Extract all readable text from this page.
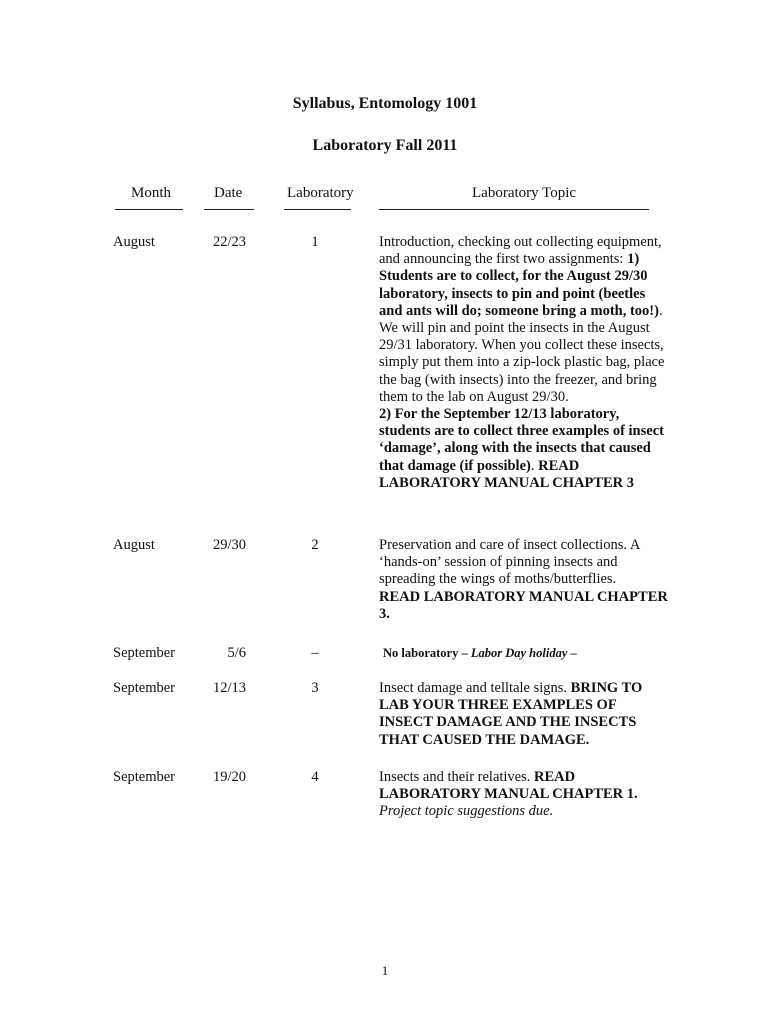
Syllabus, Entomology 1001
Laboratory Fall 2011
Month	Date	Laboratory	Laboratory Topic
August	22/23	1	Introduction, checking out collecting equipment, and announcing the first two assignments: 1) Students are to collect, for the August 29/30 laboratory, insects to pin and point (beetles and ants will do; someone bring a moth, too!). We will pin and point the insects in the August 29/31 laboratory. When you collect these insects, simply put them into a zip-lock plastic bag, place the bag (with insects) into the freezer, and bring them to the lab on August 29/30.
2) For the September 12/13 laboratory, students are to collect three examples of insect ‘damage’, along with the insects that caused that damage (if possible). READ LABORATORY MANUAL CHAPTER 3
August	29/30	2	Preservation and care of insect collections. A ‘hands-on’ session of pinning insects and spreading the wings of moths/butterflies.
READ LABORATORY MANUAL CHAPTER 3.
September	5/6	–	No laboratory – Labor Day holiday –
September	12/13	3	Insect damage and telltale signs. BRING TO LAB YOUR THREE EXAMPLES OF INSECT DAMAGE AND THE INSECTS THAT CAUSED THE DAMAGE.
September	19/20	4	Insects and their relatives. READ LABORATORY MANUAL CHAPTER 1.
Project topic suggestions due.
1
